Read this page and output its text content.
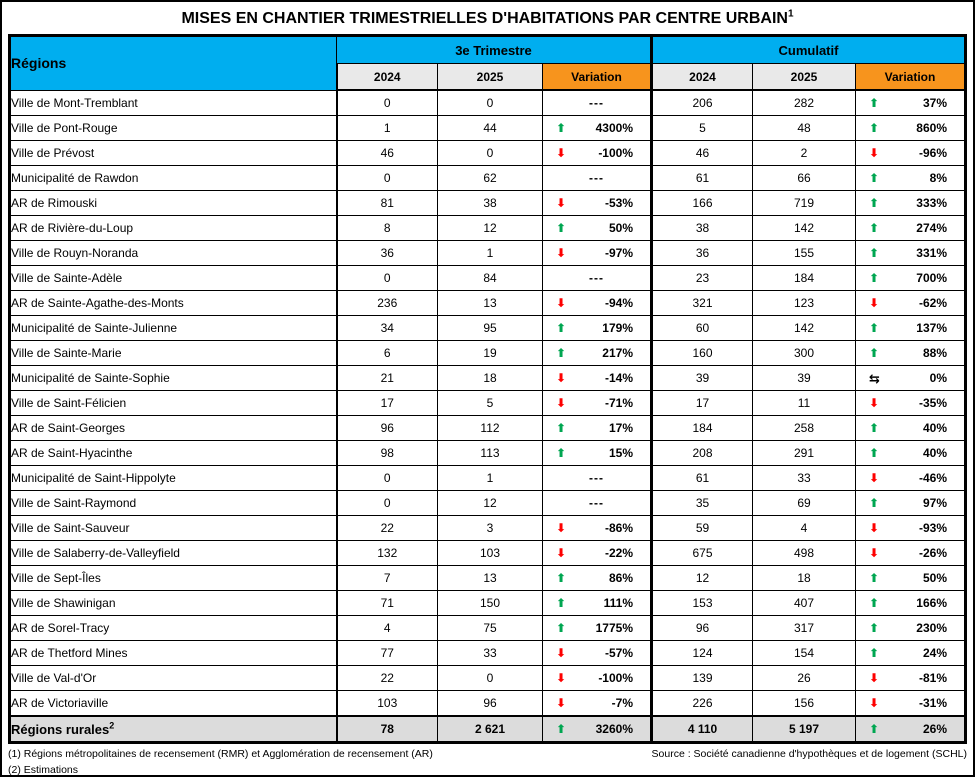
MISES EN CHANTIER TRIMESTRIELLES D'HABITATIONS PAR CENTRE URBAIN$^1$
Régions	3e Trimestre			Cumulatif		
	2024	2025	Variation	2024	2025	Variation
Ville de Mont-Tremblant	0	0	---	206	282	⬆ 37%

Ville de Pont-Rouge	1	44	⬆ 4300%	5	48	⬆ 860%

Ville de Prévost	46	0	⬇ -100%	46	2	⬇ -96%

Municipalité de Rawdon	0	62	---	61	66	⬆ 8%

AR de Rimouski	81	38	⬇ -53%	166	719	⬆ 333%

AR de Rivière-du-Loup	8	12	⬆ 50%	38	142	⬆ 274%

Ville de Rouyn-Noranda	36	1	⬇ -97%	36	155	⬆ 331%

Ville de Sainte-Adèle	0	84	---	23	184	⬆ 700%

AR de Sainte-Agathe-des-Monts	236	13	⬇ -94%	321	123	⬇ -62%

Municipalité de Sainte-Julienne	34	95	⬆ 179%	60	142	⬆ 137%

Ville de Sainte-Marie	6	19	⬆ 217%	160	300	⬆ 88%

Municipalité de Sainte-Sophie	21	18	⬇ -14%	39	39	⇆ 0%

Ville de Saint-Félicien	17	5	⬇ -71%	17	11	⬇ -35%

AR de Saint-Georges	96	112	⬆ 17%	184	258	⬆ 40%

AR de Saint-Hyacinthe	98	113	⬆ 15%	208	291	⬆ 40%

Municipalité de Saint-Hippolyte	0	1	---	61	33	⬇ -46%

Ville de Saint-Raymond	0	12	---	35	69	⬆ 97%

Ville de Saint-Sauveur	22	3	⬇ -86%	59	4	⬇ -93%

Ville de Salaberry-de-Valleyfield	132	103	⬇ -22%	675	498	⬇ -26%

Ville de Sept-Îles	7	13	⬆ 86%	12	18	⬆ 50%

Ville de Shawinigan	71	150	⬆ 111%	153	407	⬆ 166%

AR de Sorel-Tracy	4	75	⬆ 1775%	96	317	⬆ 230%

AR de Thetford Mines	77	33	⬇ -57%	124	154	⬆ 24%

Ville de Val-d'Or	22	0	⬇ -100%	139	26	⬇ -81%

AR de Victoriaville	103	96	⬇ -7%	226	156	⬇ -31%

Régions rurales$^2$	78	2 621	⬆ 3260%	4 110	5 197	⬆ 26%
(1) Régions métropolitaines de recensement (RMR) et Agglomération de recensement (AR)	Source : Société canadienne d'hypothèques et de logement (SCHL)
(2) Estimations
